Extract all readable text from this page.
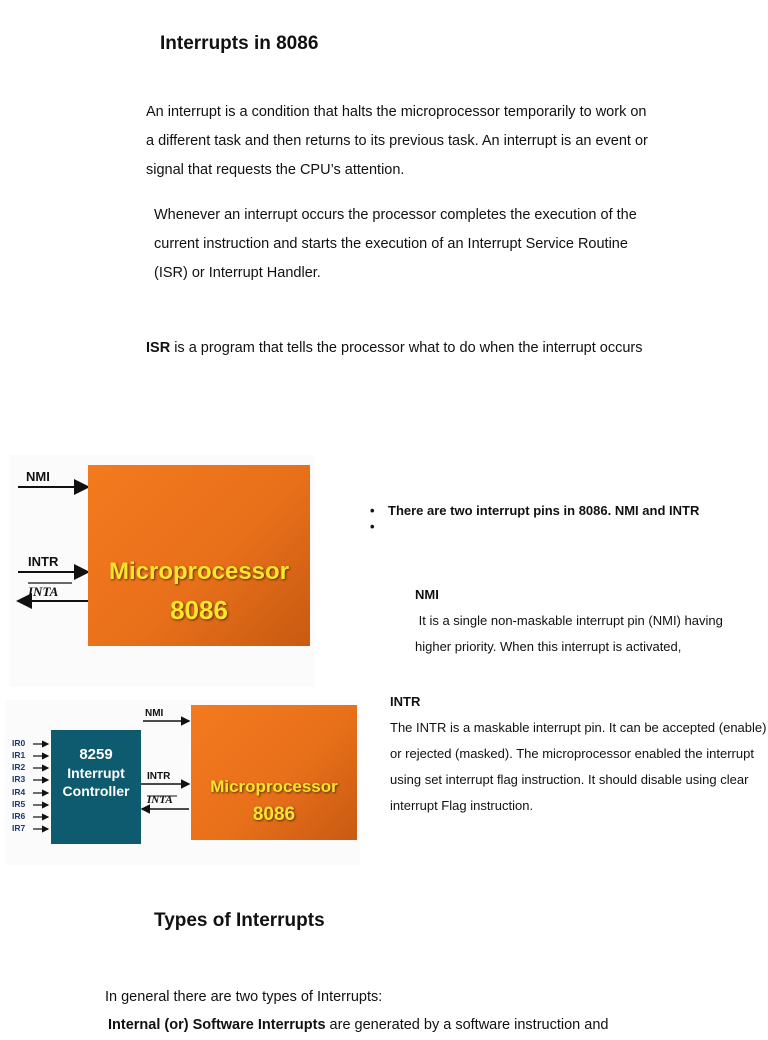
Interrupts in 8086
An interrupt is a condition that halts the microprocessor temporarily to work on
a different task and then returns to its previous task. An interrupt is an event or
signal that requests the CPU’s attention.
Whenever an interrupt occurs the processor completes the execution of the
current instruction and starts the execution of an Interrupt Service Routine
(ISR) or Interrupt Handler.
ISR is a program that tells the processor what to do when the interrupt occurs
NMI
INTR
INTA
Microprocessor
8086
IR0
IR1
IR2
IR3
IR4
IR5
IR6
IR7
8259
Interrupt
Controller
NMI
INTR
INTA
Microprocessor
8086
• There are two interrupt pins in 8086. NMI and INTR
•
NMI
It is a single non-maskable interrupt pin (NMI) having
higher priority. When this interrupt is activated,
INTR
The INTR is a maskable interrupt pin. It can be accepted (enable)
or rejected (masked). The microprocessor enabled the interrupt
using set interrupt flag instruction. It should disable using clear
interrupt Flag instruction.
Types of Interrupts
In general there are two types of Interrupts:
Internal (or) Software Interrupts are generated by a software instruction and
